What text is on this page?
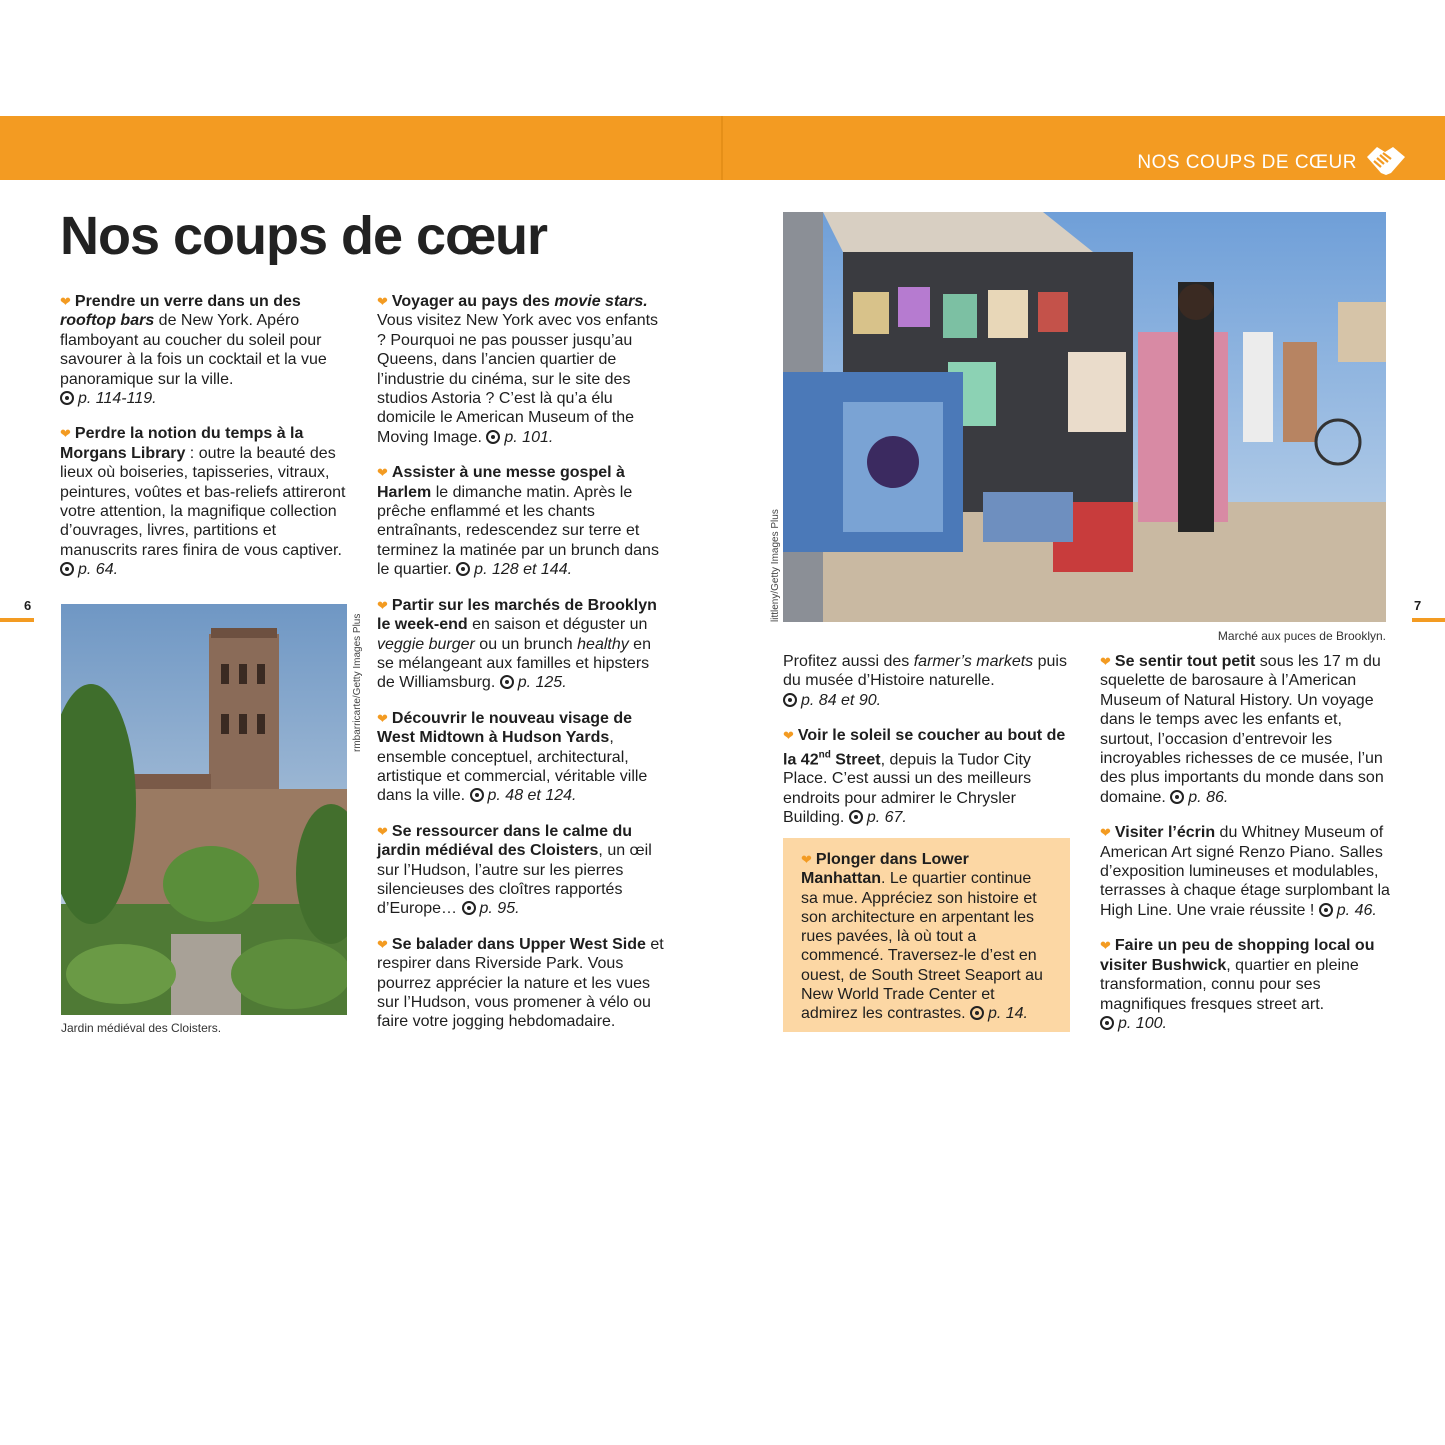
NOS COUPS DE CŒUR
Nos coups de cœur

❤ Prendre un verre dans un des rooftop bars de New York. Apéro flamboyant au coucher du soleil pour savourer à la fois un cocktail et la vue panoramique sur la ville.
p. 114-119.

❤ Perdre la notion du temps à la Morgans Library : outre la beauté des lieux où boiseries, tapisseries, vitraux, peintures, voûtes et bas-reliefs attireront votre attention, la magnifique collection d’ouvrages, livres, partitions et manuscrits rares finira de vous captiver. p. 64.

❤ Voyager au pays des movie stars. Vous visitez New York avec vos enfants ? Pourquoi ne pas pousser jusqu’au Queens, dans l’ancien quartier de l’industrie du cinéma, sur le site des studios Astoria ? C’est là qu’a élu domicile le American Museum of the Moving Image. p. 101.

❤ Assister à une messe gospel à Harlem le dimanche matin. Après le prêche enflammé et les chants entraînants, redescendez sur terre et terminez la matinée par un brunch dans le quartier. p. 128 et 144.

❤ Partir sur les marchés de Brooklyn le week-end en saison et déguster un veggie burger ou un brunch healthy en se mélangeant aux familles et hipsters de Williamsburg. p. 125.

❤ Découvrir le nouveau visage de West Midtown à Hudson Yards, ensemble conceptuel, architectural, artistique et commercial, véritable ville dans la ville. p. 48 et 124.

❤ Se ressourcer dans le calme du jardin médiéval des Cloisters, un œil sur l’Hudson, l’autre sur les pierres silencieuses des cloîtres rapportés d’Europe… p. 95.

❤ Se balader dans Upper West Side et respirer dans Riverside Park. Vous pourrez apprécier la nature et les vues sur l’Hudson, vous promener à vélo ou faire votre jogging hebdomadaire.

Jardin médiéval des Cloisters.
rmbarricarte/Getty Images Plus
6	7
Marché aux puces de Brooklyn.
littleny/Getty Images Plus

Profitez aussi des farmer’s markets puis du musée d’Histoire naturelle.
p. 84 et 90.

❤ Voir le soleil se coucher au bout de la 42nd Street, depuis la Tudor City Place. C’est aussi un des meilleurs endroits pour admirer le Chrysler Building. p. 67.

❤ Plonger dans Lower Manhattan. Le quartier continue sa mue. Appréciez son histoire et son architecture en arpentant les rues pavées, là où tout a commencé. Traversez-le d’est en ouest, de South Street Seaport au New World Trade Center et admirez les contrastes. p. 14.

❤ Se sentir tout petit sous les 17 m du squelette de barosaure à l’American Museum of Natural History. Un voyage dans le temps avec les enfants et, surtout, l’occasion d’entrevoir les incroyables richesses de ce musée, l’un des plus importants du monde dans son domaine. p. 86.

❤ Visiter l’écrin du Whitney Museum of American Art signé Renzo Piano. Salles d’exposition lumineuses et modulables, terrasses à chaque étage surplombant la High Line. Une vraie réussite ! p. 46.

❤ Faire un peu de shopping local ou visiter Bushwick, quartier en pleine transformation, connu pour ses magnifiques fresques street art.
p. 100.
